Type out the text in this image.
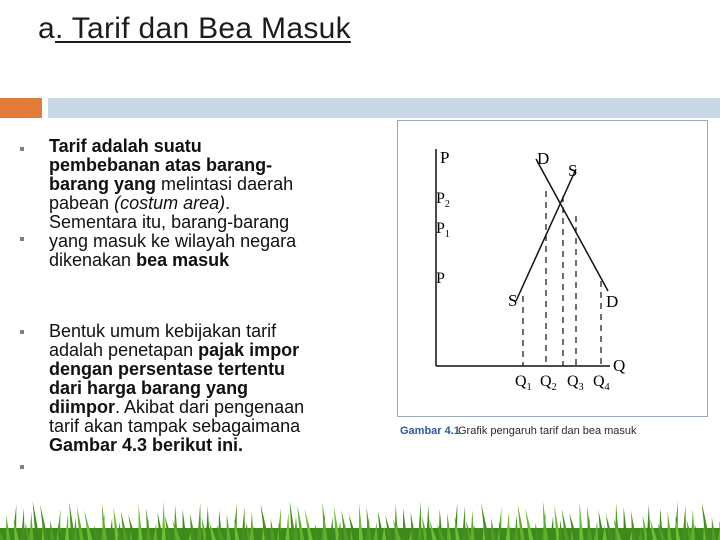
a. Tarif dan Bea Masuk
Tarif adalah suatu
pembebanan atas barang-
barang yang melintasi daerah
pabean (costum area).
Sementara itu, barang-barang
yang masuk ke wilayah negara
dikenakan bea masuk
Bentuk umum kebijakan tarif
adalah penetapan pajak impor
dengan persentase tertentu
dari harga barang yang
diimpor. Akibat dari pengenaan
tarif akan tampak sebagaimana
Gambar 4.3 berikut ini.
P
$P_2$
$P_1$
P
D
S
S	D
Q
$Q_1$ $Q_2$ $Q_3$ $Q_4$
Gambar 4.1
Grafik pengaruh tarif dan bea masuk
